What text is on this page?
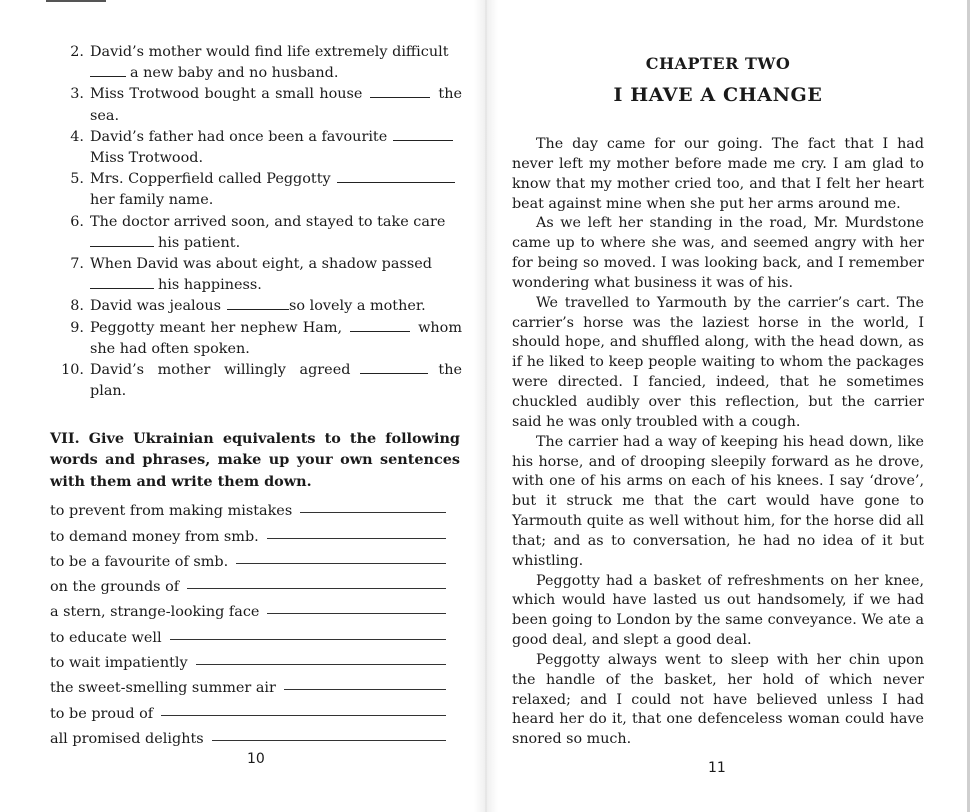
2. David’s mother would find life extremely difficult
a new baby and no husband.
3. Miss Trotwood bought a small house	the sea.
4. David’s father had once been a favourite
Miss Trotwood.
5. Mrs. Copperfield called Peggotty
her family name.
6. The doctor arrived soon, and stayed to take care
his patient.
7. When David was about eight, a shadow passed
his happiness.
8. David was jealous	so lovely a mother.
9. Peggotty meant her nephew Ham,	whom she had often spoken.
10. David’s mother willingly agreed	the plan.
VII. Give Ukrainian equivalents to the following words and phrases, make up your own sentences with them and write them down.
to prevent from making mistakes
to demand money from smb.
to be a favourite of smb.
on the grounds of
a stern, strange-looking face
to educate well
to wait impatiently
the sweet-smelling summer air
to be proud of
all promised delights
10
CHAPTER TWO
I HAVE A CHANGE

The day came for our going. The fact that I had never left my mother before made me cry. I am glad to know that my mother cried too, and that I felt her heart beat against mine when she put her arms around me.

As we left her standing in the road, Mr. Murdstone came up to where she was, and seemed angry with her for being so moved. I was looking back, and I remember wondering what business it was of his.

We travelled to Yarmouth by the carrier’s cart. The carrier’s horse was the laziest horse in the world, I should hope, and shuffled along, with the head down, as if he liked to keep people waiting to whom the packages were directed. I fancied, indeed, that he sometimes chuckled audibly over this reflection, but the carrier said he was only troubled with a cough.

The carrier had a way of keeping his head down, like his horse, and of drooping sleepily forward as he drove, with one of his arms on each of his knees. I say ‘drove’, but it struck me that the cart would have gone to Yarmouth quite as well without him, for the horse did all that; and as to conversation, he had no idea of it but whistling.

Peggotty had a basket of refreshments on her knee, which would have lasted us out handsomely, if we had been going to London by the same conveyance. We ate a good deal, and slept a good deal.

Peggotty always went to sleep with her chin upon the handle of the basket, her hold of which never relaxed; and I could not have believed unless I had heard her do it, that one defenceless woman could have snored so much.

11
